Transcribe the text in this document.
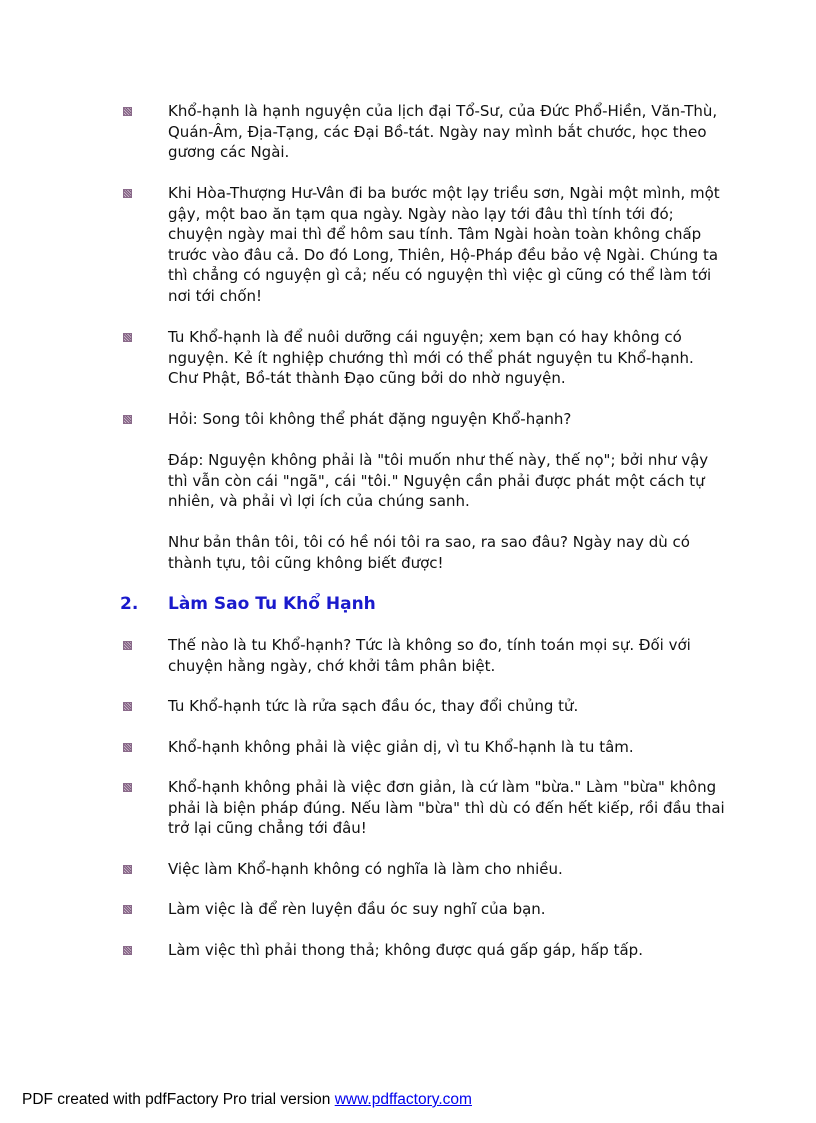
Khổ-hạnh là hạnh nguyện của lịch đại Tổ-Sư, của Đức Phổ-Hiền, Văn-Thù, Quán-Âm, Địa-Tạng, các Đại Bồ-tát. Ngày nay mình bắt chước, học theo gương các Ngài.
Khi Hòa-Thượng Hư-Vân đi ba bước một lạy triều sơn, Ngài một mình, một gậy, một bao ăn tạm qua ngày. Ngày nào lạy tới đâu thì tính tới đó; chuyện ngày mai thì để hôm sau tính. Tâm Ngài hoàn toàn không chấp trước vào đâu cả. Do đó Long, Thiên, Hộ-Pháp đều bảo vệ Ngài. Chúng ta thì chẳng có nguyện gì cả; nếu có nguyện thì việc gì cũng có thể làm tới nơi tới chốn!
Tu Khổ-hạnh là để nuôi dưỡng cái nguyện; xem bạn có hay không có nguyện. Kẻ ít nghiệp chướng thì mới có thể phát nguyện tu Khổ-hạnh. Chư Phật, Bồ-tát thành Đạo cũng bởi do nhờ nguyện.
Hỏi: Song tôi không thể phát đặng nguyện Khổ-hạnh?
Đáp: Nguyện không phải là "tôi muốn như thế này, thế nọ"; bởi như vậy thì vẫn còn cái "ngã", cái "tôi." Nguyện cần phải được phát một cách tự nhiên, và phải vì lợi ích của chúng sanh.
Như bản thân tôi, tôi có hề nói tôi ra sao, ra sao đâu? Ngày nay dù có thành tựu, tôi cũng không biết được!
2. Làm Sao Tu Khổ Hạnh
Thế nào là tu Khổ-hạnh? Tức là không so đo, tính toán mọi sự. Đối với chuyện hằng ngày, chớ khởi tâm phân biệt.
Tu Khổ-hạnh tức là rửa sạch đầu óc, thay đổi chủng tử.
Khổ-hạnh không phải là việc giản dị, vì tu Khổ-hạnh là tu tâm.
Khổ-hạnh không phải là việc đơn giản, là cứ làm "bừa." Làm "bừa" không phải là biện pháp đúng. Nếu làm "bừa" thì dù có đến hết kiếp, rồi đầu thai trở lại cũng chẳng tới đâu!
Việc làm Khổ-hạnh không có nghĩa là làm cho nhiều.
Làm việc là để rèn luyện đầu óc suy nghĩ của bạn.
Làm việc thì phải thong thả; không được quá gấp gáp, hấp tấp.
PDF created with pdfFactory Pro trial version www.pdffactory.com
